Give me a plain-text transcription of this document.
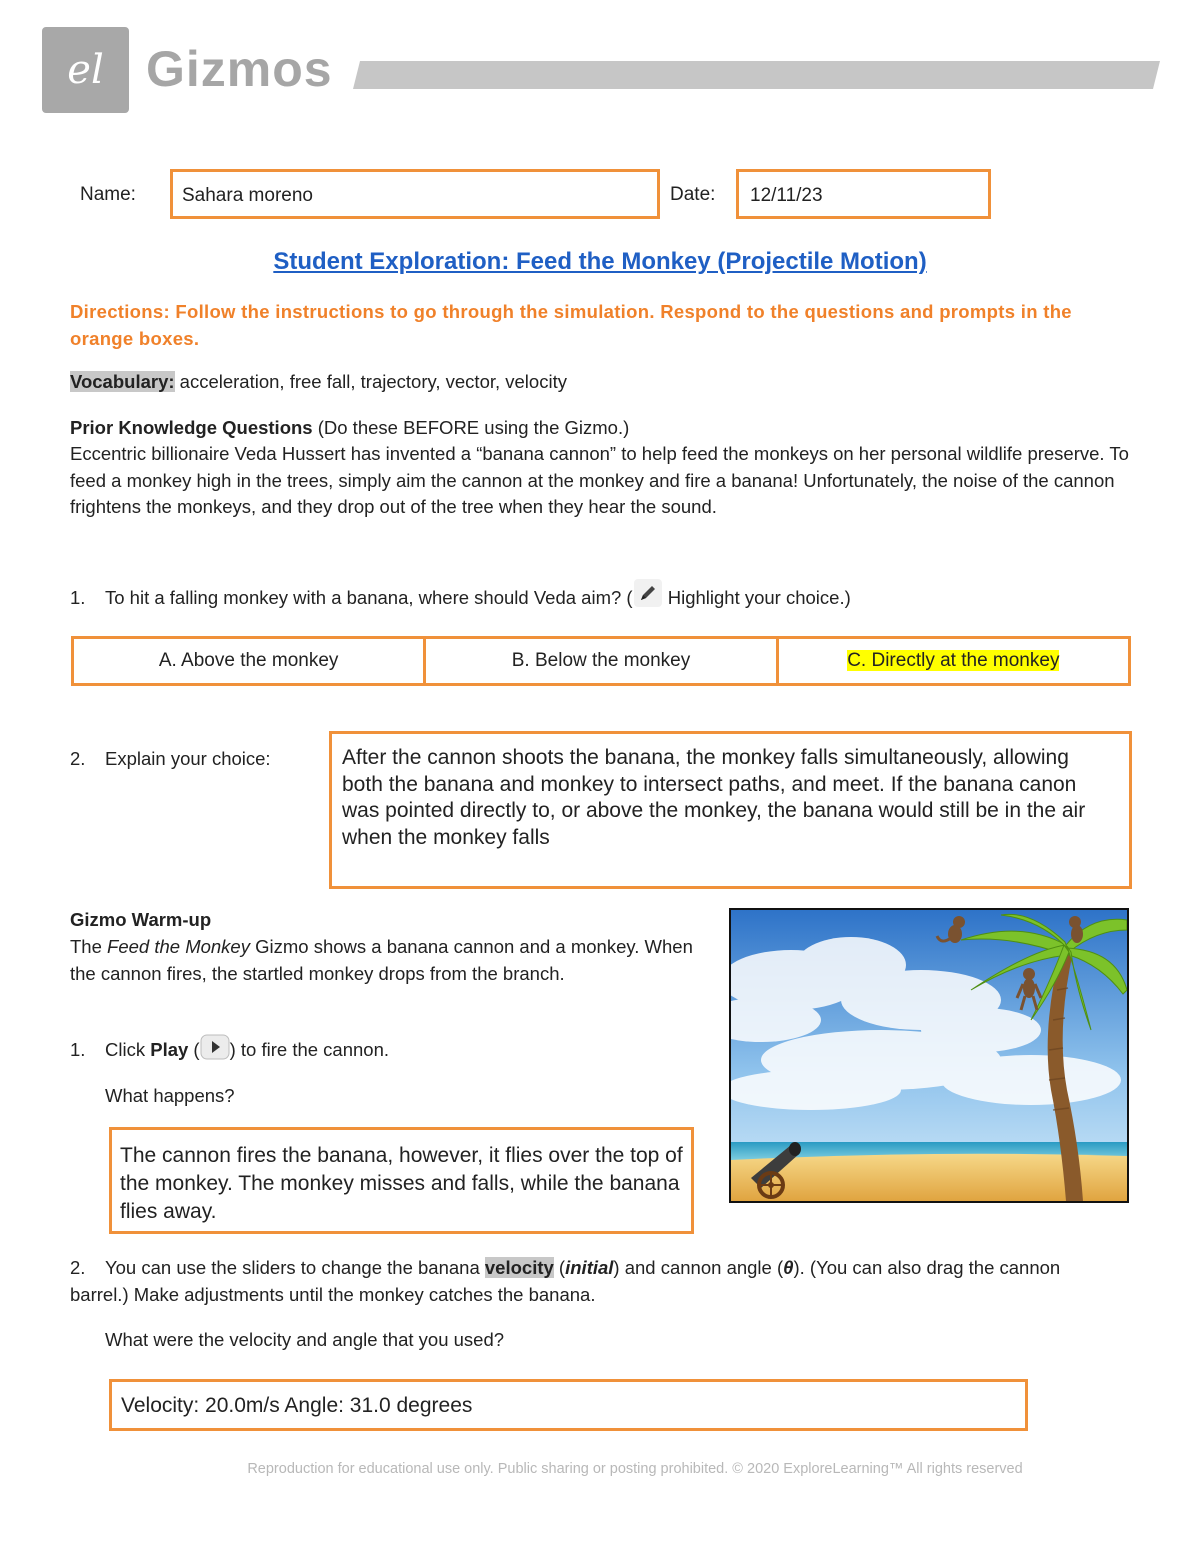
el Gizmos
Name: Sahara moreno	Date: 12/11/23
Student Exploration: Feed the Monkey (Projectile Motion)
Directions: Follow the instructions to go through the simulation. Respond to the questions and prompts in the orange boxes.
Vocabulary: acceleration, free fall, trajectory, vector, velocity
Prior Knowledge Questions (Do these BEFORE using the Gizmo.)
Eccentric billionaire Veda Hussert has invented a “banana cannon” to help feed the monkeys on her personal wildlife preserve. To feed a monkey high in the trees, simply aim the cannon at the monkey and fire a banana! Unfortunately, the noise of the cannon frightens the monkeys, and they drop out of the tree when they hear the sound.
1. To hit a falling monkey with a banana, where should Veda aim? ( Highlight your choice.)
A. Above the monkey	B. Below the monkey	C. Directly at the monkey
2. Explain your choice:	After the cannon shoots the banana, the monkey falls simultaneously, allowing both the banana and monkey to intersect paths, and meet. If the banana canon was pointed directly to, or above the monkey, the banana would still be in the air when the monkey falls
Gizmo Warm-up
The Feed the Monkey Gizmo shows a banana cannon and a monkey. When the cannon fires, the startled monkey drops from the branch.
1. Click Play ( ) to fire the cannon.
What happens?
The cannon fires the banana, however, it flies over the top of the monkey. The monkey misses and falls, while the banana flies away.
2. You can use the sliders to change the banana velocity (initial) and cannon angle (θ). (You can also drag the cannon barrel.) Make adjustments until the monkey catches the banana.
What were the velocity and angle that you used?
Velocity: 20.0m/s Angle: 31.0 degrees
Reproduction for educational use only. Public sharing or posting prohibited. © 2020 ExploreLearning™ All rights reserved
